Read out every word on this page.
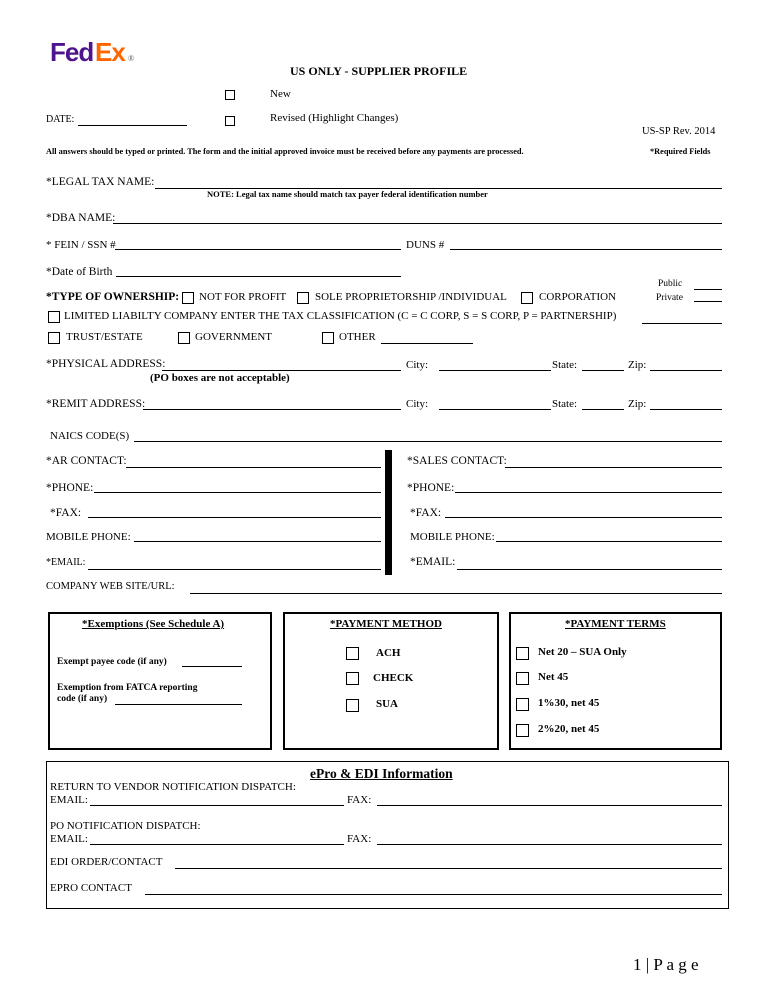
Fed Ex ®
US ONLY - SUPPLIER PROFILE
New
DATE:	Revised (Highlight Changes)
US-SP Rev. 2014
All answers should be typed or printed. The form and the initial approved invoice must be received before any payments are processed.	*Required Fields
*LEGAL TAX NAME:
NOTE: Legal tax name should match tax payer federal identification number
*DBA NAME:
* FEIN / SSN #	DUNS #
*Date of Birth
Public
Private
*TYPE OF OWNERSHIP: NOT FOR PROFIT	SOLE PROPRIETORSHIP /INDIVIDUAL	CORPORATION
LIMITED LIABILTY COMPANY ENTER THE TAX CLASSIFICATION (C = C CORP, S = S CORP, P = PARTNERSHIP)
TRUST/ESTATE	GOVERNMENT	OTHER
*PHYSICAL ADDRESS:
(PO boxes are not acceptable)
City:	State:	Zip:
*REMIT ADDRESS:	City:	State:	Zip:
NAICS CODE(S)
*AR CONTACT:	*SALES CONTACT:
*PHONE:	*PHONE:
*FAX:	*FAX:
MOBILE PHONE:	MOBILE PHONE:
*EMAIL:	*EMAIL:
COMPANY WEB SITE/URL:
*Exemptions (See Schedule A)
Exempt payee code (if any)
Exemption from FATCA reporting
code (if any)
*PAYMENT METHOD
ACH
CHECK
SUA
*PAYMENT TERMS
Net 20 – SUA Only
Net 45
1%30, net 45
2%20, net 45
ePro & EDI Information
RETURN TO VENDOR NOTIFICATION DISPATCH:
EMAIL:	FAX:
PO NOTIFICATION DISPATCH:
EMAIL:	FAX:
EDI ORDER/CONTACT
EPRO CONTACT
1 | P a g e
